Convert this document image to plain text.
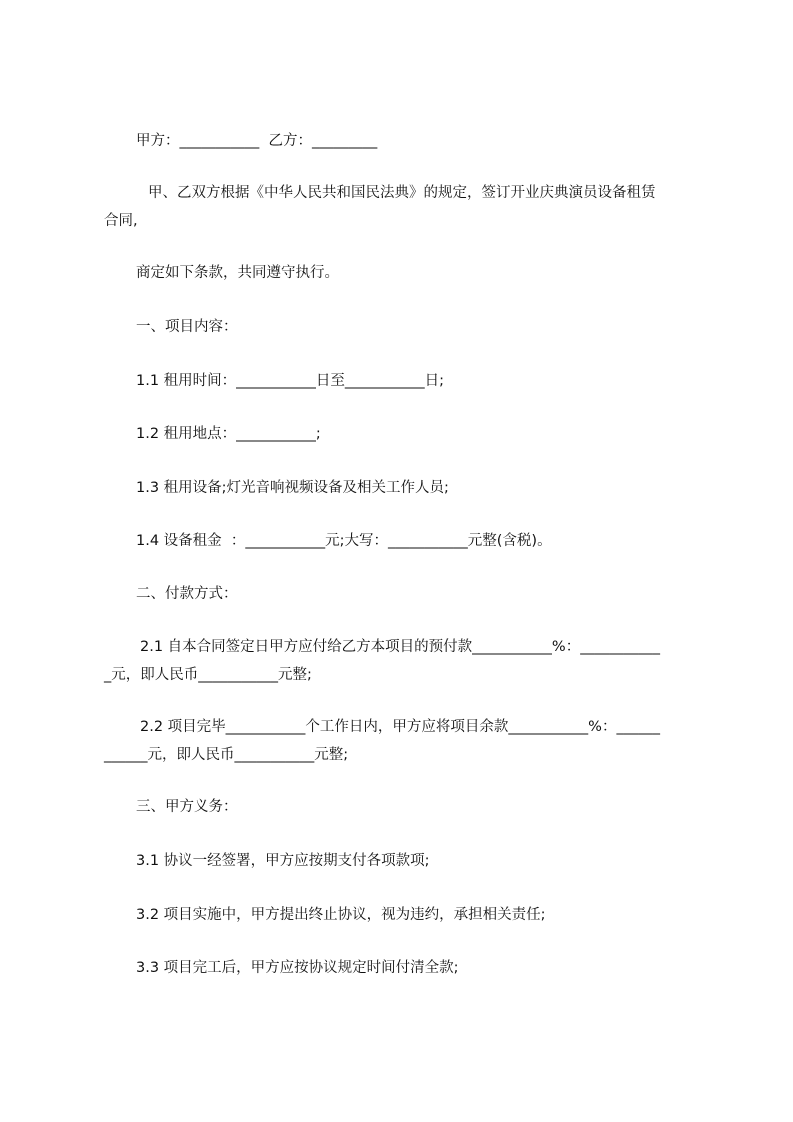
甲方：___________  乙方：_________
甲、乙双方根据《中华人民共和国民法典》的规定，签订开业庆典演员设备租赁
合同,
商定如下条款，共同遵守执行。
一、项目内容：
1.1 租用时间：___________日至___________日;
1.2 租用地点：___________;
1.3 租用设备;灯光音响视频设备及相关工作人员;
1.4 设备租金  ：___________元;大写：___________元整(含税)。
二、付款方式：
2.1 自本合同签定日甲方应付给乙方本项目的预付款___________%：___________
_元，即人民币___________元整;
2.2 项目完毕___________个工作日内，甲方应将项目余款___________%：______
______元，即人民币___________元整;
三、甲方义务：
3.1 协议一经签署，甲方应按期支付各项款项;
3.2 项目实施中，甲方提出终止协议，视为违约，承担相关责任;
3.3 项目完工后，甲方应按协议规定时间付清全款;
